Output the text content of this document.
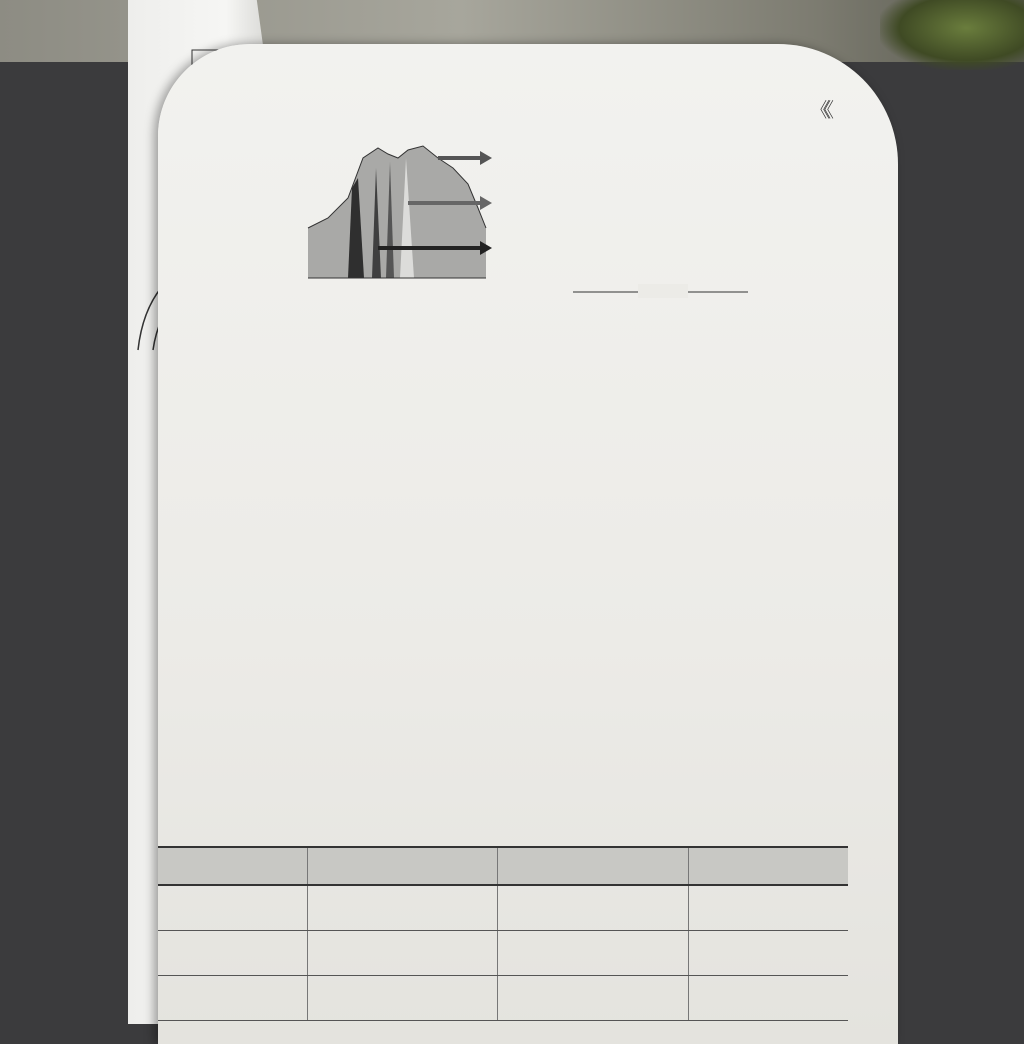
《《
